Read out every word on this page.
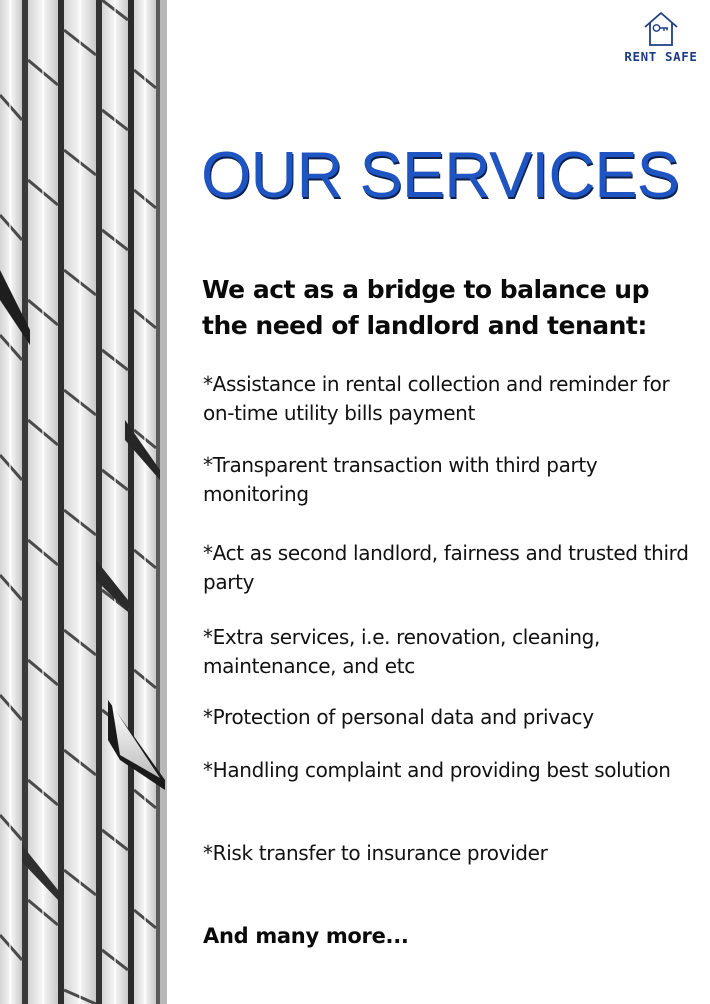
RENT SAFE
OUR SERVICES

We act as a bridge to balance up the need of landlord and tenant:

*Assistance in rental collection and reminder for on-time utility bills payment

*Transparent transaction with third party monitoring

*Act as second landlord, fairness and trusted third party

*Extra services, i.e. renovation, cleaning, maintenance, and etc

*Protection of personal data and privacy

*Handling complaint and providing best solution

*Risk transfer to insurance provider

And many more...
